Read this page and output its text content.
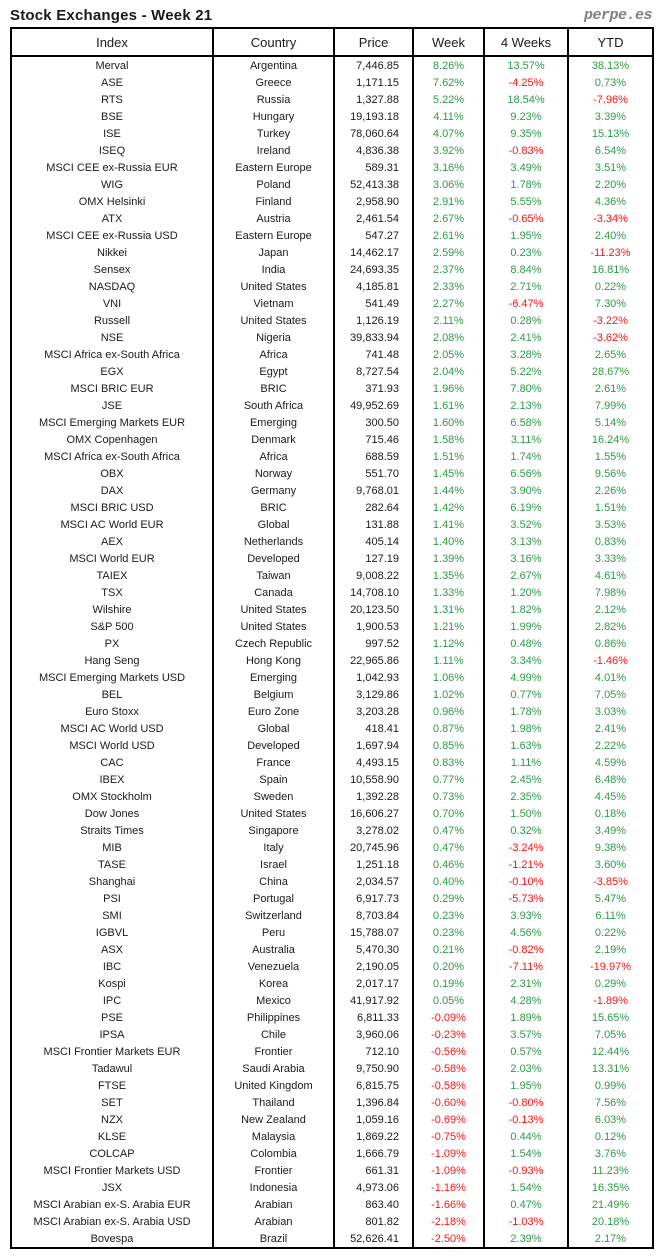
Stock Exchanges - Week 21	perpe.es
Index	Country	Price	Week	4 Weeks	YTD
Merval	Argentina	7,446.85	8.26%	13.57%	38.13%
ASE	Greece	1,171.15	7.62%	-4.25%	0.73%
RTS	Russia	1,327.88	5.22%	18.54%	-7.96%
BSE	Hungary	19,193.18	4.11%	9.23%	3.39%
ISE	Turkey	78,060.64	4.07%	9.35%	15.13%
ISEQ	Ireland	4,836.38	3.92%	-0.83%	6.54%
MSCI CEE ex-Russia EUR	Eastern Europe	589.31	3.16%	3.49%	3.51%
WIG	Poland	52,413.38	3.06%	1.78%	2.20%
OMX Helsinki	Finland	2,958.90	2.91%	5.55%	4.36%
ATX	Austria	2,461.54	2.67%	-0.65%	-3.34%
MSCI CEE ex-Russia USD	Eastern Europe	547.27	2.61%	1.95%	2.40%
Nikkei	Japan	14,462.17	2.59%	0.23%	-11.23%
Sensex	India	24,693.35	2.37%	8.84%	16.81%
NASDAQ	United States	4,185.81	2.33%	2.71%	0.22%
VNI	Vietnam	541.49	2.27%	-6.47%	7.30%
Russell	United States	1,126.19	2.11%	0.28%	-3.22%
NSE	Nigeria	39,833.94	2.08%	2.41%	-3.62%
MSCI Africa ex-South Africa	Africa	741.48	2.05%	3.28%	2.65%
EGX	Egypt	8,727.54	2.04%	5.22%	28.67%
MSCI BRIC EUR	BRIC	371.93	1.96%	7.80%	2.61%
JSE	South Africa	49,952.69	1.61%	2.13%	7.99%
MSCI Emerging Markets EUR	Emerging	300.50	1.60%	6.58%	5.14%
OMX Copenhagen	Denmark	715.46	1.58%	3.11%	16.24%
MSCI Africa ex-South Africa	Africa	688.59	1.51%	1.74%	1.55%
OBX	Norway	551.70	1.45%	6.56%	9.56%
DAX	Germany	9,768.01	1.44%	3.90%	2.26%
MSCI BRIC USD	BRIC	282.64	1.42%	6.19%	1.51%
MSCI AC World EUR	Global	131.88	1.41%	3.52%	3.53%
AEX	Netherlands	405.14	1.40%	3.13%	0.83%
MSCI World EUR	Developed	127.19	1.39%	3.16%	3.33%
TAIEX	Taiwan	9,008.22	1.35%	2.67%	4.61%
TSX	Canada	14,708.10	1.33%	1.20%	7.98%
Wilshire	United States	20,123.50	1.31%	1.82%	2.12%
S&P 500	United States	1,900.53	1.21%	1.99%	2.82%
PX	Czech Republic	997.52	1.12%	0.48%	0.86%
Hang Seng	Hong Kong	22,965.86	1.11%	3.34%	-1.46%
MSCI Emerging Markets USD	Emerging	1,042.93	1.06%	4.99%	4.01%
BEL	Belgium	3,129.86	1.02%	0.77%	7.05%
Euro Stoxx	Euro Zone	3,203.28	0.96%	1.78%	3.03%
MSCI AC World USD	Global	418.41	0.87%	1.98%	2.41%
MSCI World USD	Developed	1,697.94	0.85%	1.63%	2.22%
CAC	France	4,493.15	0.83%	1.11%	4.59%
IBEX	Spain	10,558.90	0.77%	2.45%	6.48%
OMX Stockholm	Sweden	1,392.28	0.73%	2.35%	4.45%
Dow Jones	United States	16,606.27	0.70%	1.50%	0.18%
Straits Times	Singapore	3,278.02	0.47%	0.32%	3.49%
MIB	Italy	20,745.96	0.47%	-3.24%	9.38%
TASE	Israel	1,251.18	0.46%	-1.21%	3.60%
Shanghai	China	2,034.57	0.40%	-0.10%	-3.85%
PSI	Portugal	6,917.73	0.29%	-5.73%	5.47%
SMI	Switzerland	8,703.84	0.23%	3.93%	6.11%
IGBVL	Peru	15,788.07	0.23%	4.56%	0.22%
ASX	Australia	5,470.30	0.21%	-0.82%	2.19%
IBC	Venezuela	2,190.05	0.20%	-7.11%	-19.97%
Kospi	Korea	2,017.17	0.19%	2.31%	0.29%
IPC	Mexico	41,917.92	0.05%	4.28%	-1.89%
PSE	Philippines	6,811.33	-0.09%	1.89%	15.65%
IPSA	Chile	3,960.06	-0.23%	3.57%	7.05%
MSCI Frontier Markets EUR	Frontier	712.10	-0.56%	0.57%	12.44%
Tadawul	Saudi Arabia	9,750.90	-0.58%	2.03%	13.31%
FTSE	United Kingdom	6,815.75	-0.58%	1.95%	0.99%
SET	Thailand	1,396.84	-0.60%	-0.80%	7.56%
NZX	New Zealand	1,059.16	-0.69%	-0.13%	6.03%
KLSE	Malaysia	1,869.22	-0.75%	0.44%	0.12%
COLCAP	Colombia	1,666.79	-1.09%	1.54%	3.76%
MSCI Frontier Markets USD	Frontier	661.31	-1.09%	-0.93%	11.23%
JSX	Indonesia	4,973.06	-1.16%	1.54%	16.35%
MSCI Arabian ex-S. Arabia EUR	Arabian	863.40	-1.66%	0.47%	21.49%
MSCI Arabian ex-S. Arabia USD	Arabian	801.82	-2.18%	-1.03%	20.18%
Bovespa	Brazil	52,626.41	-2.50%	2.39%	2.17%
